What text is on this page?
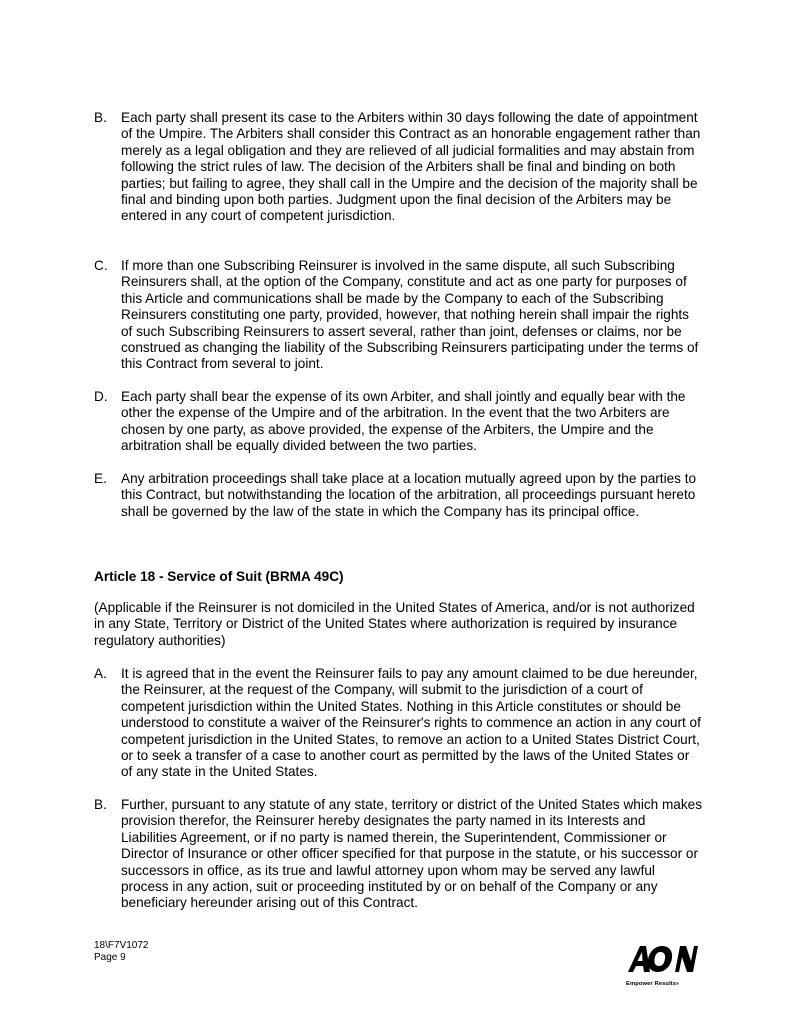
B.	Each party shall present its case to the Arbiters within 30 days following the date of appointment of the Umpire. The Arbiters shall consider this Contract as an honorable engagement rather than merely as a legal obligation and they are relieved of all judicial formalities and may abstain from following the strict rules of law. The decision of the Arbiters shall be final and binding on both parties; but failing to agree, they shall call in the Umpire and the decision of the majority shall be final and binding upon both parties. Judgment upon the final decision of the Arbiters may be entered in any court of competent jurisdiction.
C. If more than one Subscribing Reinsurer is involved in the same dispute, all such Subscribing Reinsurers shall, at the option of the Company, constitute and act as one party for purposes of this Article and communications shall be made by the Company to each of the Subscribing Reinsurers constituting one party, provided, however, that nothing herein shall impair the rights of such Subscribing Reinsurers to assert several, rather than joint, defenses or claims, nor be construed as changing the liability of the Subscribing Reinsurers participating under the terms of this Contract from several to joint.
D. Each party shall bear the expense of its own Arbiter, and shall jointly and equally bear with the other the expense of the Umpire and of the arbitration. In the event that the two Arbiters are chosen by one party, as above provided, the expense of the Arbiters, the Umpire and the arbitration shall be equally divided between the two parties.
E.	Any arbitration proceedings shall take place at a location mutually agreed upon by the parties to this Contract, but notwithstanding the location of the arbitration, all proceedings pursuant hereto shall be governed by the law of the state in which the Company has its principal office.
Article 18 - Service of Suit (BRMA 49C)
(Applicable if the Reinsurer is not domiciled in the United States of America, and/or is not authorized in any State, Territory or District of the United States where authorization is required by insurance regulatory authorities)
A.	It is agreed that in the event the Reinsurer fails to pay any amount claimed to be due hereunder, the Reinsurer, at the request of the Company, will submit to the jurisdiction of a court of competent jurisdiction within the United States. Nothing in this Article constitutes or should be understood to constitute a waiver of the Reinsurer's rights to commence an action in any court of competent jurisdiction in the United States, to remove an action to a United States District Court, or to seek a transfer of a case to another court as permitted by the laws of the United States or of any state in the United States.
B.	Further, pursuant to any statute of any state, territory or district of the United States which makes provision therefor, the Reinsurer hereby designates the party named in its Interests and Liabilities Agreement, or if no party is named therein, the Superintendent, Commissioner or Director of Insurance or other officer specified for that purpose in the statute, or his successor or successors in office, as its true and lawful attorney upon whom may be served any lawful process in any action, suit or proceeding instituted by or on behalf of the Company or any beneficiary hereunder arising out of this Contract.
18\F7V1072
Page 9
Empower Results®
